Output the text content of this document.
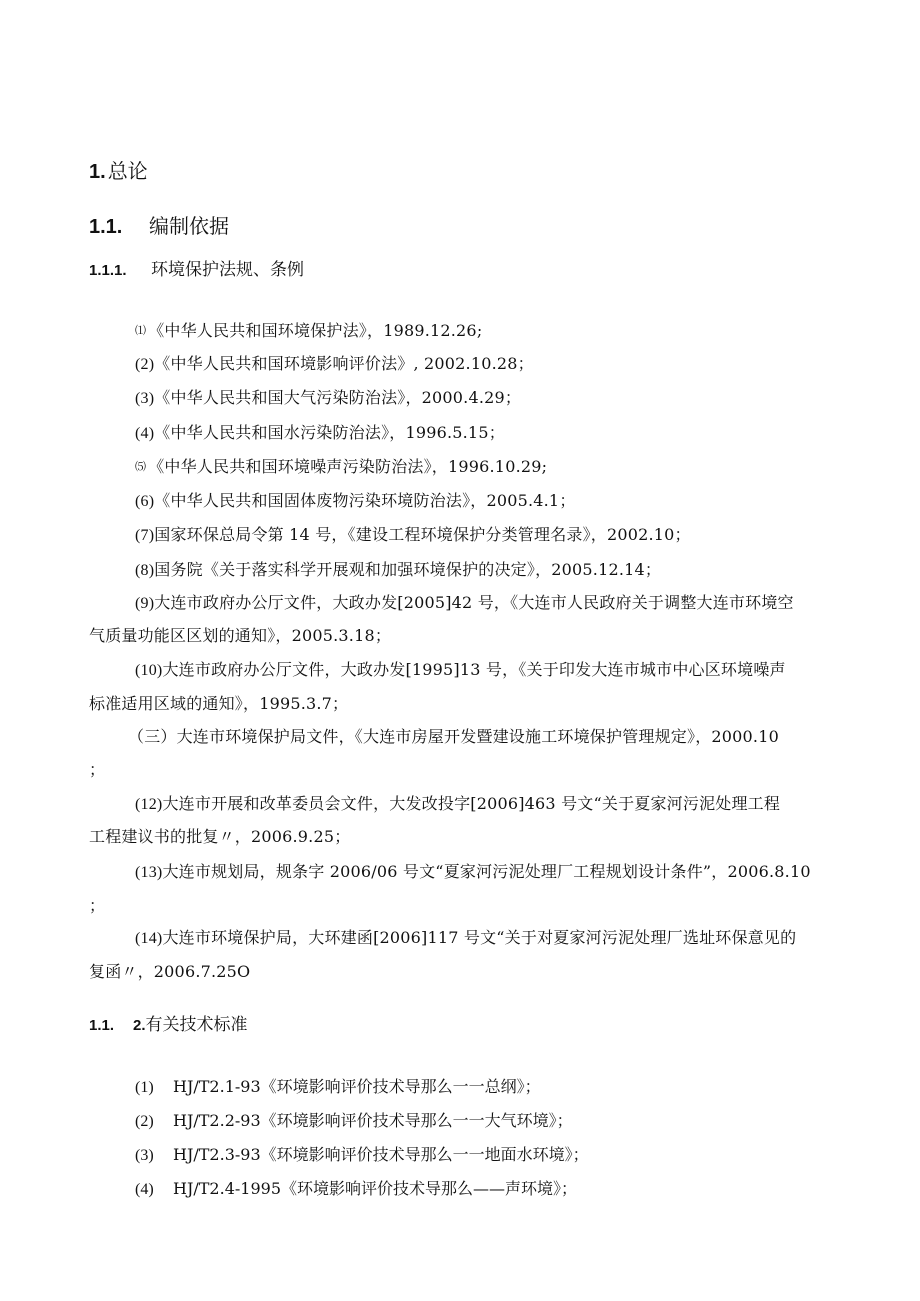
1. 总论
1.1. 编制依据
1.1.1. 环境保护法规、条例
⑴ 《中华人民共和国环境保护法》，1989.12.26;
(2)《中华人民共和国环境影响评价法》, 2002.10.28；
(3)《中华人民共和国大气污染防治法》，2000.4.29；
(4)《中华人民共和国水污染防治法》，1996.5.15；
⑸ 《中华人民共和国环境噪声污染防治法》，1996.10.29;
(6)《中华人民共和国固体废物污染环境防治法》，2005.4.1；
(7)国家环保总局令第 14 号，《建设工程环境保护分类管理名录》，2002.10；
(8)国务院《关于落实科学开展观和加强环境保护的决定》，2005.12.14；
(9)大连市政府办公厅文件，大政办发[2005]42 号，《大连市人民政府关于调整大连市环境空
气质量功能区区划的通知》，2005.3.18；
(10)大连市政府办公厅文件，大政办发[1995]13 号，《关于印发大连市城市中心区环境噪声
标准适用区域的通知》，1995.3.7；
（三）大连市环境保护局文件，《大连市房屋开发暨建设施工环境保护管理规定》，2000.10
；
(12)大连市开展和改革委员会文件，大发改投字[2006]463 号文“关于夏家河污泥处理工程
工程建议书的批复〃，2006.9.25；
(13)大连市规划局，规条字 2006/06 号文“夏家河污泥处理厂工程规划设计条件”，2006.8.10
；
(14)大连市环境保护局，大环建函[2006]117 号文“关于对夏家河污泥处理厂选址环保意见的
复函〃，2006.7.25O
1.1. 2.有关技术标准
(1) HJ/T2.1-93《环境影响评价技术导那么一一总纲》；
(2) HJ/T2.2-93《环境影响评价技术导那么一一大气环境》；
(3) HJ/T2.3-93《环境影响评价技术导那么一一地面水环境》；
(4) HJ/T2.4-1995《环境影响评价技术导那么——声环境》；
